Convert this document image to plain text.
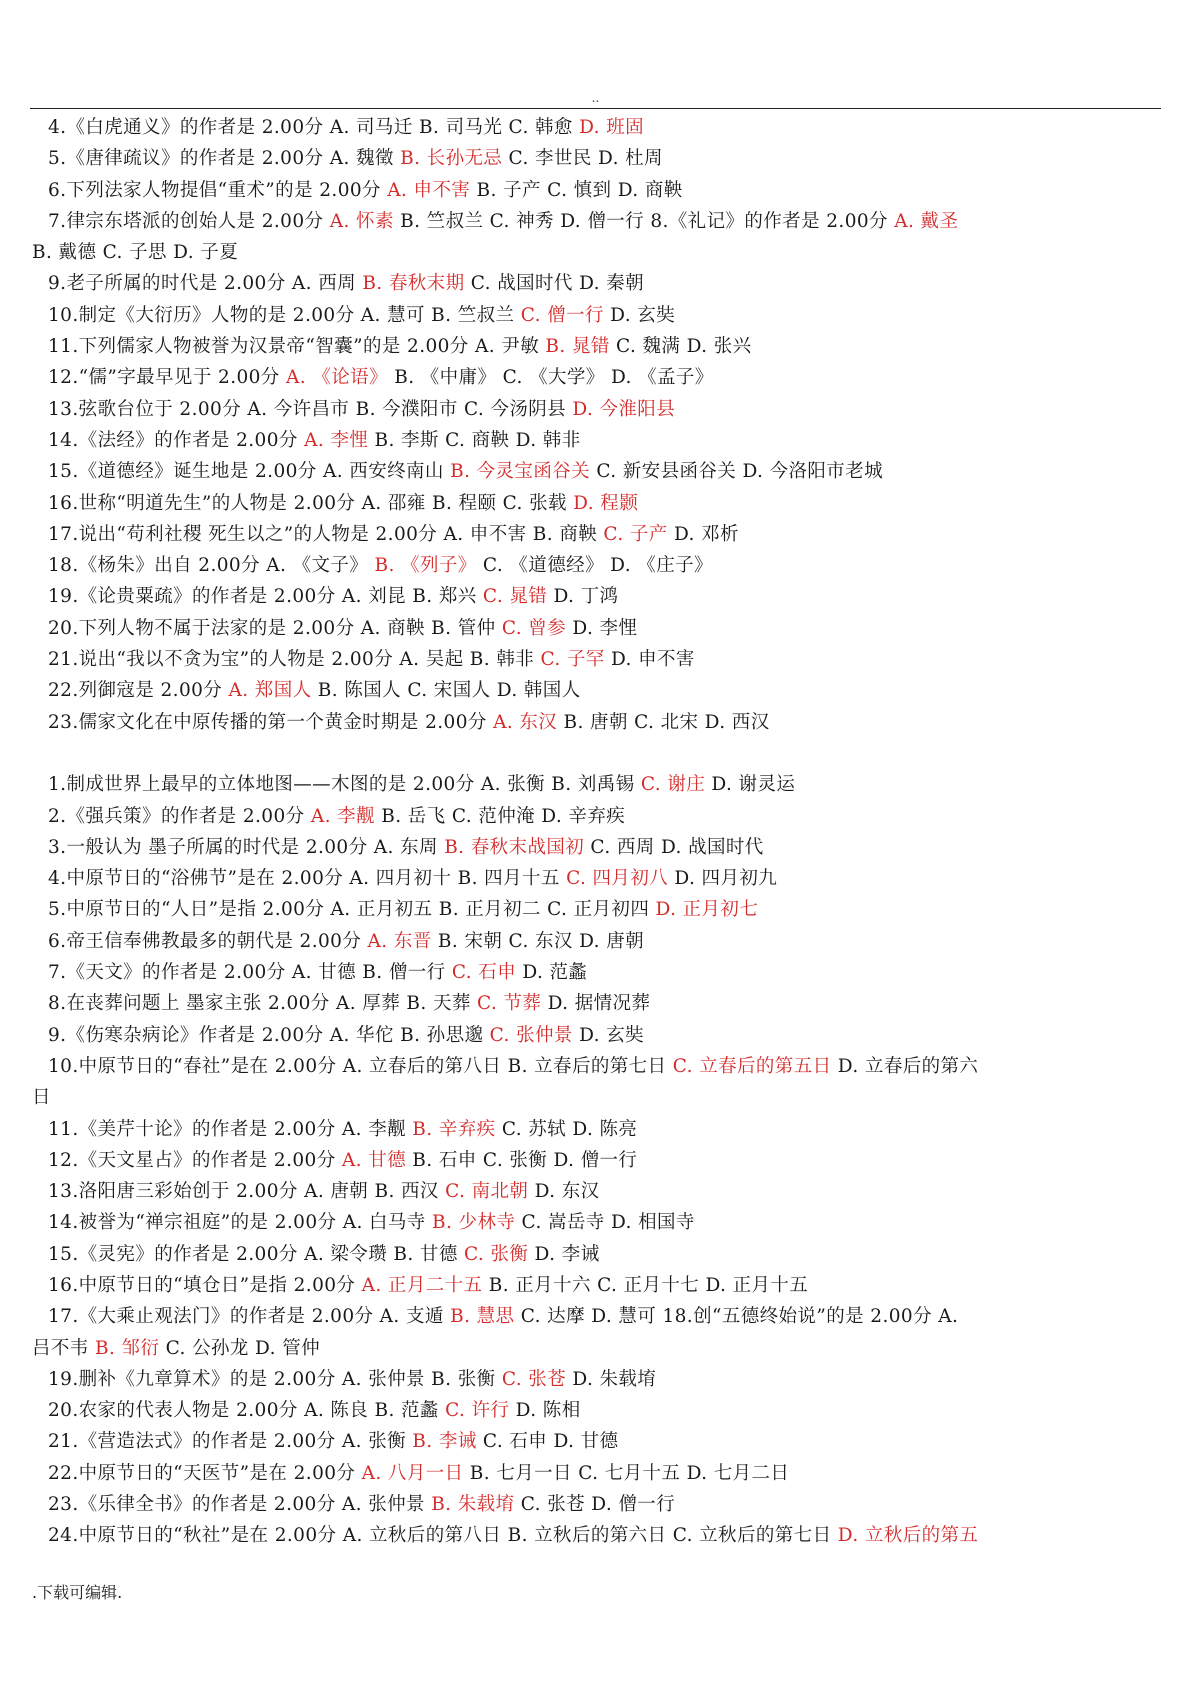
..
4.《白虎通义》的作者是 2.00分 A. 司马迁 B. 司马光 C. 韩愈 D. 班固
5.《唐律疏议》的作者是 2.00分 A. 魏徵 B. 长孙无忌 C. 李世民 D. 杜周
6.下列法家人物提倡“重术”的是 2.00分 A. 申不害 B. 子产 C. 慎到 D. 商鞅
7.律宗东塔派的创始人是 2.00分 A. 怀素 B. 竺叔兰 C. 神秀 D. 僧一行 8.《礼记》的作者是 2.00分 A. 戴圣
B. 戴德 C. 子思 D. 子夏
9.老子所属的时代是 2.00分 A. 西周 B. 春秋末期 C. 战国时代 D. 秦朝
10.制定《大衍历》人物的是 2.00分 A. 慧可 B. 竺叔兰 C. 僧一行 D. 玄奘
11.下列儒家人物被誉为汉景帝“智囊”的是 2.00分 A. 尹敏 B. 晁错 C. 魏满 D. 张兴
12.“儒”字最早见于 2.00分 A. 《论语》 B. 《中庸》 C. 《大学》 D. 《孟子》
13.弦歌台位于 2.00分 A. 今许昌市 B. 今濮阳市 C. 今汤阴县 D. 今淮阳县
14.《法经》的作者是 2.00分 A. 李悝 B. 李斯 C. 商鞅 D. 韩非
15.《道德经》诞生地是 2.00分 A. 西安终南山 B. 今灵宝函谷关 C. 新安县函谷关 D. 今洛阳市老城
16.世称“明道先生”的人物是 2.00分 A. 邵雍 B. 程颐 C. 张载 D. 程颢
17.说出“苟利社稷 死生以之”的人物是 2.00分 A. 申不害 B. 商鞅 C. 子产 D. 邓析
18.《杨朱》出自 2.00分 A. 《文子》 B. 《列子》 C. 《道德经》 D. 《庄子》
19.《论贵粟疏》的作者是 2.00分 A. 刘昆 B. 郑兴 C. 晁错 D. 丁鸿
20.下列人物不属于法家的是 2.00分 A. 商鞅 B. 管仲 C. 曾参 D. 李悝
21.说出“我以不贪为宝”的人物是 2.00分 A. 吴起 B. 韩非 C. 子罕 D. 申不害
22.列御寇是 2.00分 A. 郑国人 B. 陈国人 C. 宋国人 D. 韩国人
23.儒家文化在中原传播的第一个黄金时期是 2.00分 A. 东汉 B. 唐朝 C. 北宋 D. 西汉
1.制成世界上最早的立体地图——木图的是 2.00分 A. 张衡 B. 刘禹锡 C. 谢庄 D. 谢灵运
2.《强兵策》的作者是 2.00分 A. 李觏 B. 岳飞 C. 范仲淹 D. 辛弃疾
3.一般认为 墨子所属的时代是 2.00分 A. 东周 B. 春秋末战国初 C. 西周 D. 战国时代
4.中原节日的“浴佛节”是在 2.00分 A. 四月初十 B. 四月十五 C. 四月初八 D. 四月初九
5.中原节日的“人日”是指 2.00分 A. 正月初五 B. 正月初二 C. 正月初四 D. 正月初七
6.帝王信奉佛教最多的朝代是 2.00分 A. 东晋 B. 宋朝 C. 东汉 D. 唐朝
7.《天文》的作者是 2.00分 A. 甘德 B. 僧一行 C. 石申 D. 范蠡
8.在丧葬问题上 墨家主张 2.00分 A. 厚葬 B. 天葬 C. 节葬 D. 据情况葬
9.《伤寒杂病论》作者是 2.00分 A. 华佗 B. 孙思邈 C. 张仲景 D. 玄奘
10.中原节日的“春社”是在 2.00分 A. 立春后的第八日 B. 立春后的第七日 C. 立春后的第五日 D. 立春后的第六
日
11.《美芹十论》的作者是 2.00分 A. 李觏 B. 辛弃疾 C. 苏轼 D. 陈亮
12.《天文星占》的作者是 2.00分 A. 甘德 B. 石申 C. 张衡 D. 僧一行
13.洛阳唐三彩始创于 2.00分 A. 唐朝 B. 西汉 C. 南北朝 D. 东汉
14.被誉为“禅宗祖庭”的是 2.00分 A. 白马寺 B. 少林寺 C. 嵩岳寺 D. 相国寺
15.《灵宪》的作者是 2.00分 A. 梁令瓒 B. 甘德 C. 张衡 D. 李诫
16.中原节日的“填仓日”是指 2.00分 A. 正月二十五 B. 正月十六 C. 正月十七 D. 正月十五
17.《大乘止观法门》的作者是 2.00分 A. 支遁 B. 慧思 C. 达摩 D. 慧可 18.创“五德终始说”的是 2.00分 A.
吕不韦 B. 邹衍 C. 公孙龙 D. 管仲
19.删补《九章算术》的是 2.00分 A. 张仲景 B. 张衡 C. 张苍 D. 朱载堉
20.农家的代表人物是 2.00分 A. 陈良 B. 范蠡 C. 许行 D. 陈相
21.《营造法式》的作者是 2.00分 A. 张衡 B. 李诫 C. 石申 D. 甘德
22.中原节日的“天医节”是在 2.00分 A. 八月一日 B. 七月一日 C. 七月十五 D. 七月二日
23.《乐律全书》的作者是 2.00分 A. 张仲景 B. 朱载堉 C. 张苍 D. 僧一行
24.中原节日的“秋社”是在 2.00分 A. 立秋后的第八日 B. 立秋后的第六日 C. 立秋后的第七日 D. 立秋后的第五
.下载可编辑.
